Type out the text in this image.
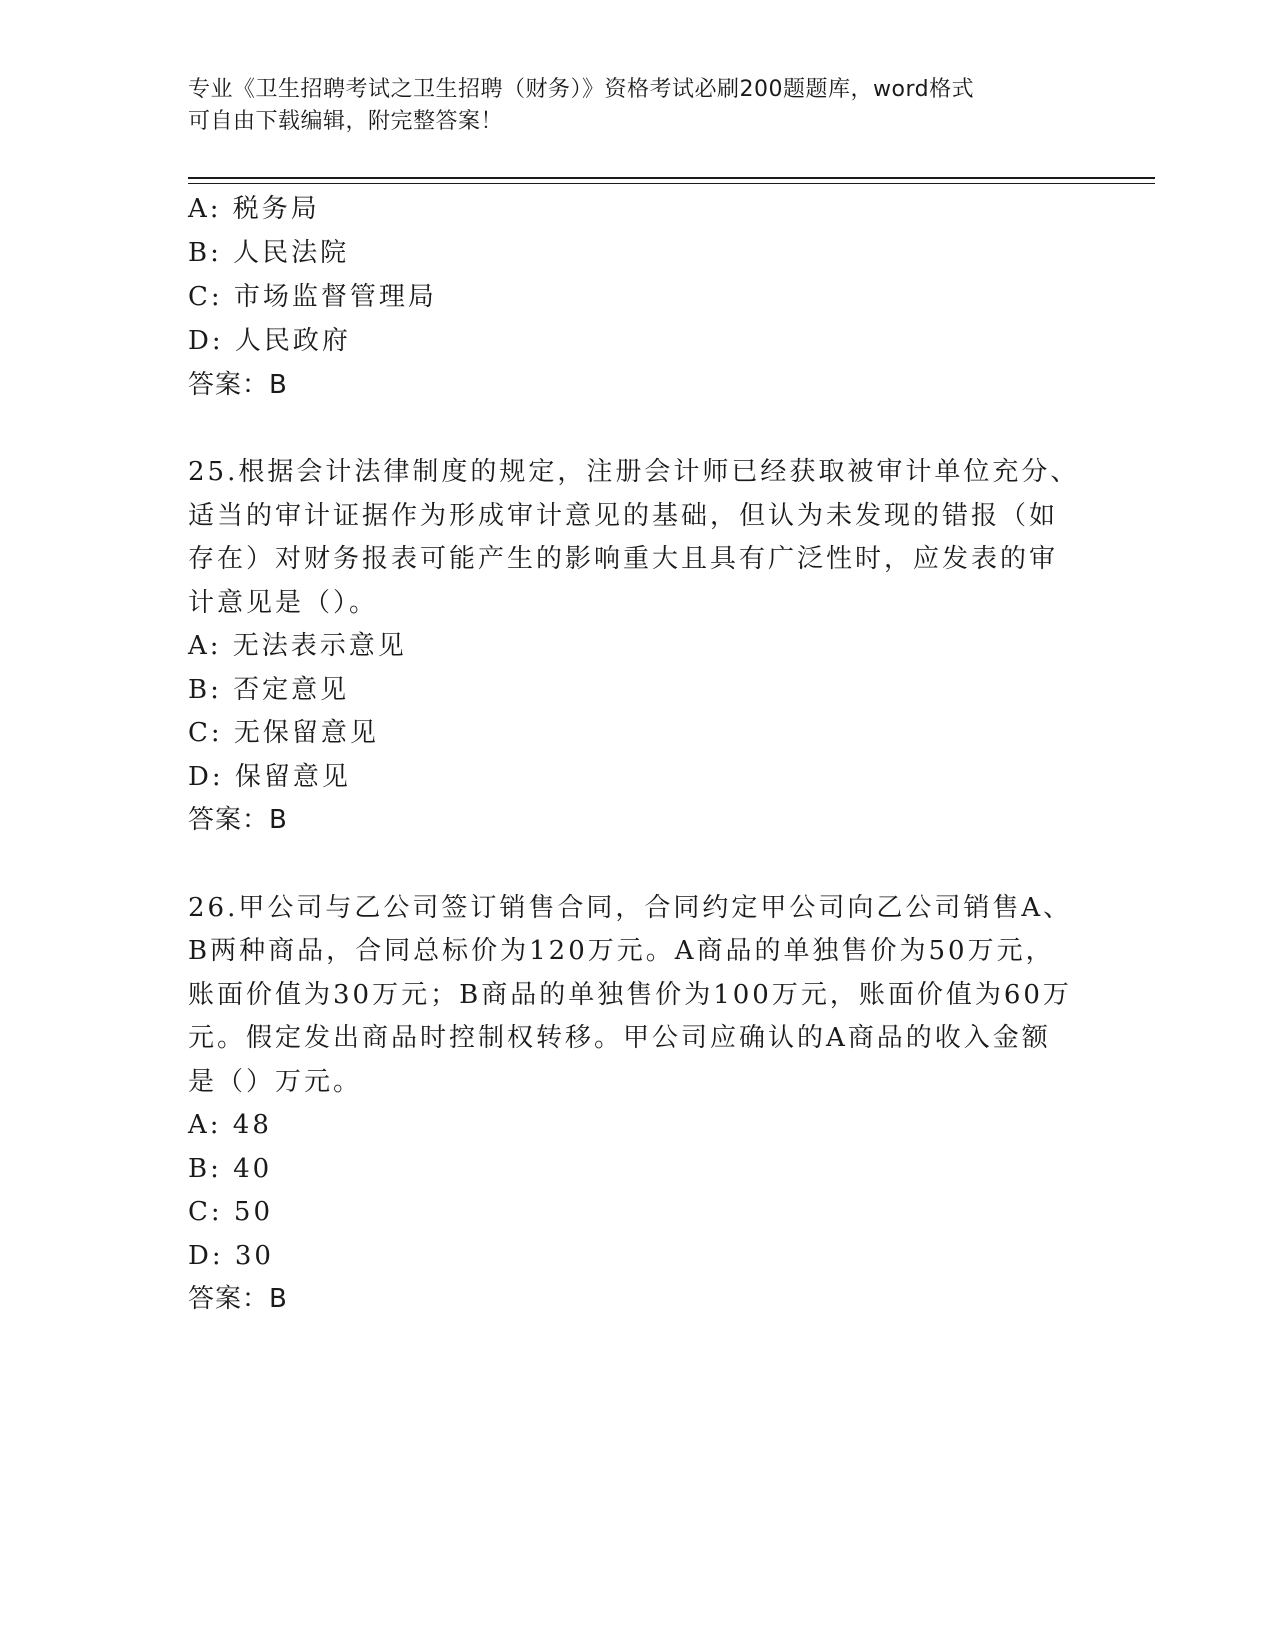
专业《卫生招聘考试之卫生招聘（财务）》资格考试必刷200题题库，word格式
可自由下载编辑，附完整答案！
A: 税务局
B: 人民法院
C: 市场监督管理局
D: 人民政府
答案：B
25.根据会计法律制度的规定，注册会计师已经获取被审计单位充分、
适当的审计证据作为形成审计意见的基础，但认为未发现的错报（如
存在）对财务报表可能产生的影响重大且具有广泛性时，应发表的审
计意见是（）。
A: 无法表示意见
B: 否定意见
C: 无保留意见
D: 保留意见
答案：B
26.甲公司与乙公司签订销售合同，合同约定甲公司向乙公司销售A、
B两种商品，合同总标价为120万元。A商品的单独售价为50万元，
账面价值为30万元；B商品的单独售价为100万元，账面价值为60万
元。假定发出商品时控制权转移。甲公司应确认的A商品的收入金额
是（）万元。
A: 48
B: 40
C: 50
D: 30
答案：B
